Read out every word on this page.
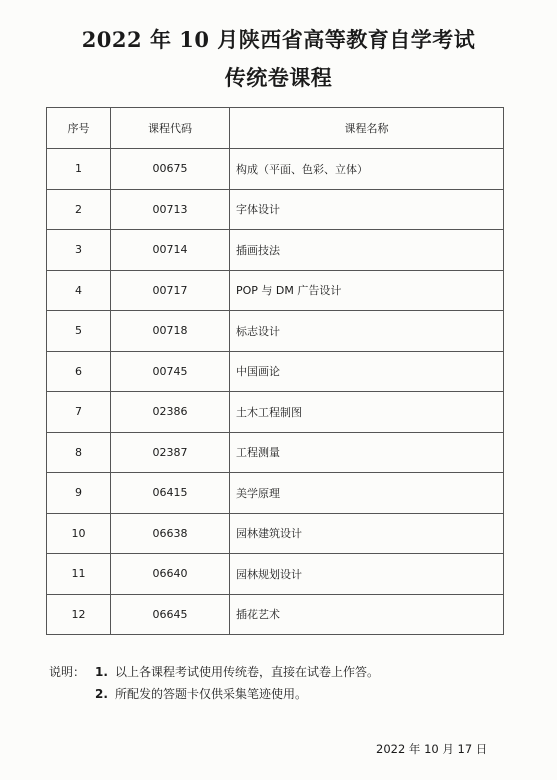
2022 年 10 月陕西省高等教育自学考试
传统卷课程
序号	课程代码	课程名称
1	00675	构成（平面、色彩、立体）
2	00713	字体设计
3	00714	插画技法
4	00717	POP 与 DM 广告设计
5	00718	标志设计
6	00745	中国画论
7	02386	土木工程制图
8	02387	工程测量
9	06415	美学原理
10	06638	园林建筑设计
11	06640	园林规划设计
12	06645	插花艺术
说明： 1. 以上各课程考试使用传统卷，直接在试卷上作答。
2. 所配发的答题卡仅供采集笔迹使用。
2022 年 10 月 17 日
